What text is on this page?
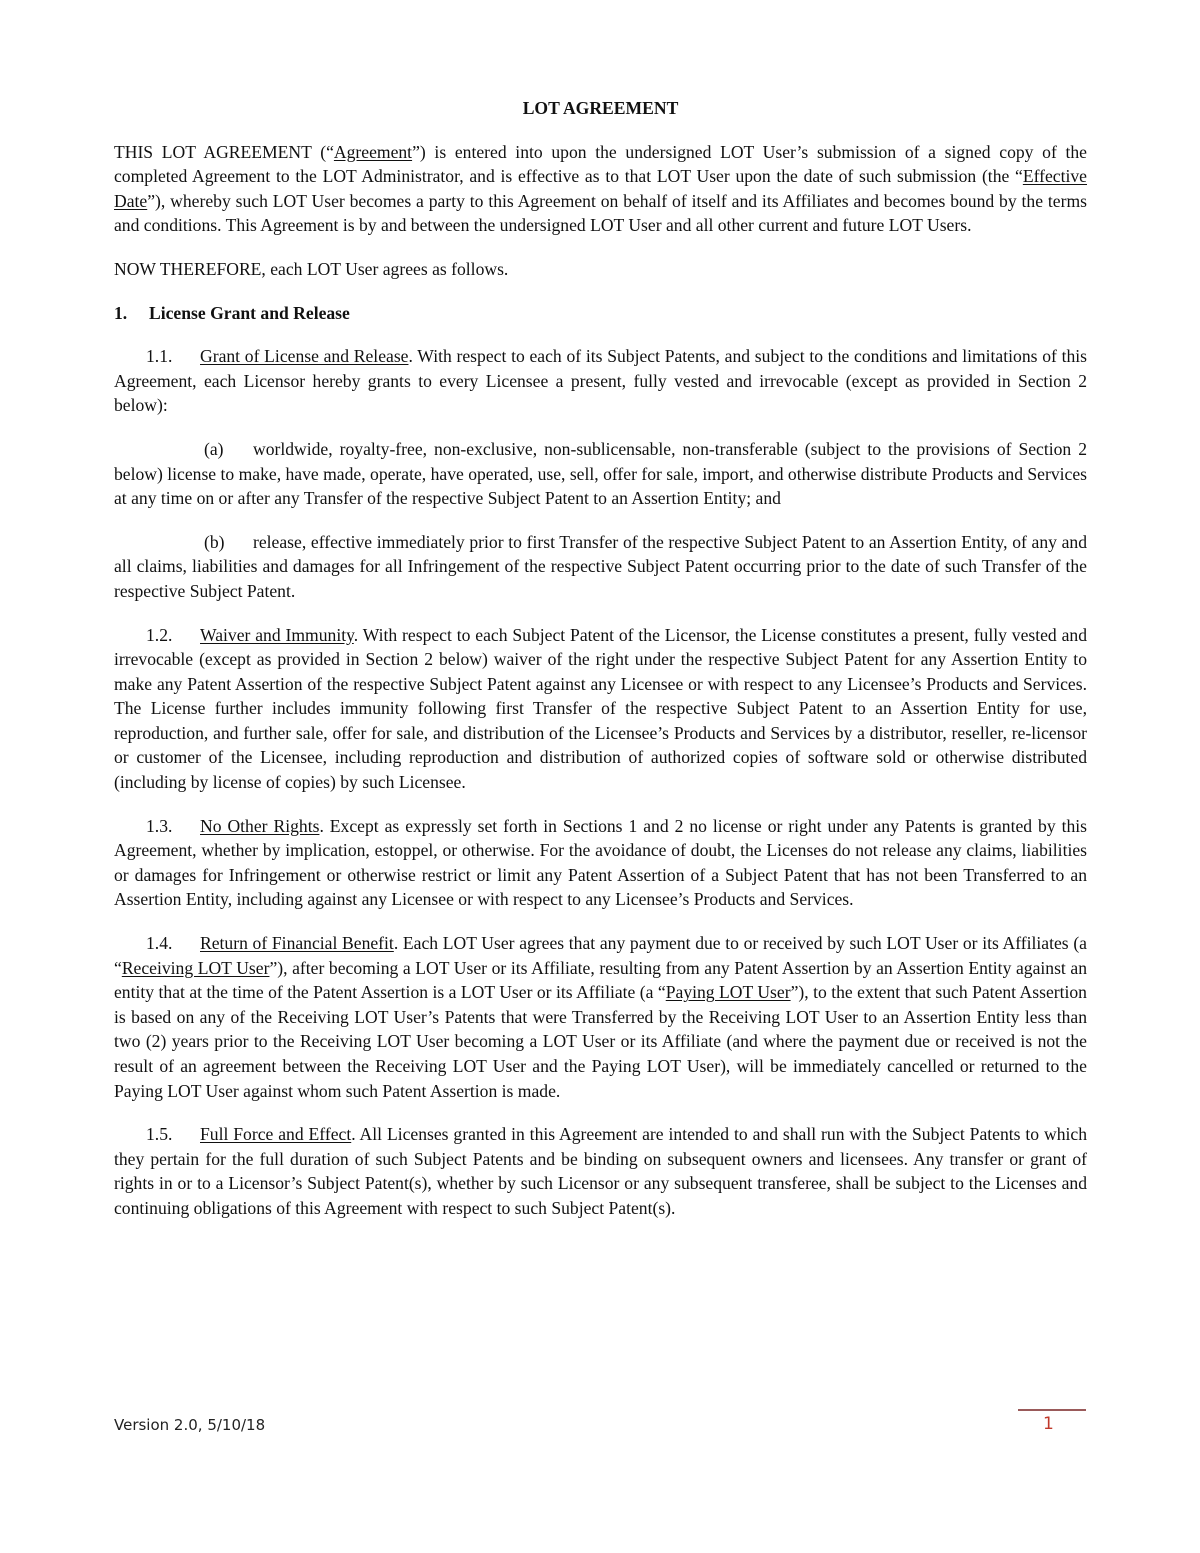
LOT AGREEMENT

THIS LOT AGREEMENT (“Agreement”) is entered into upon the undersigned LOT User’s submission of a signed copy of the completed Agreement to the LOT Administrator, and is effective as to that LOT User upon the date of such submission (the “Effective Date”), whereby such LOT User becomes a party to this Agreement on behalf of itself and its Affiliates and becomes bound by the terms and conditions. This Agreement is by and between the undersigned LOT User and all other current and future LOT Users.

NOW THEREFORE, each LOT User agrees as follows.

1. License Grant and Release

1.1. Grant of License and Release. With respect to each of its Subject Patents, and subject to the conditions and limitations of this Agreement, each Licensor hereby grants to every Licensee a present, fully vested and irrevocable (except as provided in Section 2 below):

(a) worldwide, royalty-free, non-exclusive, non-sublicensable, non-transferable (subject to the provisions of Section 2 below) license to make, have made, operate, have operated, use, sell, offer for sale, import, and otherwise distribute Products and Services at any time on or after any Transfer of the respective Subject Patent to an Assertion Entity; and

(b) release, effective immediately prior to first Transfer of the respective Subject Patent to an Assertion Entity, of any and all claims, liabilities and damages for all Infringement of the respective Subject Patent occurring prior to the date of such Transfer of the respective Subject Patent.

1.2. Waiver and Immunity. With respect to each Subject Patent of the Licensor, the License constitutes a present, fully vested and irrevocable (except as provided in Section 2 below) waiver of the right under the respective Subject Patent for any Assertion Entity to make any Patent Assertion of the respective Subject Patent against any Licensee or with respect to any Licensee’s Products and Services. The License further includes immunity following first Transfer of the respective Subject Patent to an Assertion Entity for use, reproduction, and further sale, offer for sale, and distribution of the Licensee’s Products and Services by a distributor, reseller, re-licensor or customer of the Licensee, including reproduction and distribution of authorized copies of software sold or otherwise distributed (including by license of copies) by such Licensee.

1.3. No Other Rights. Except as expressly set forth in Sections 1 and 2 no license or right under any Patents is granted by this Agreement, whether by implication, estoppel, or otherwise. For the avoidance of doubt, the Licenses do not release any claims, liabilities or damages for Infringement or otherwise restrict or limit any Patent Assertion of a Subject Patent that has not been Transferred to an Assertion Entity, including against any Licensee or with respect to any Licensee’s Products and Services.

1.4. Return of Financial Benefit. Each LOT User agrees that any payment due to or received by such LOT User or its Affiliates (a “Receiving LOT User”), after becoming a LOT User or its Affiliate, resulting from any Patent Assertion by an Assertion Entity against an entity that at the time of the Patent Assertion is a LOT User or its Affiliate (a “Paying LOT User”), to the extent that such Patent Assertion is based on any of the Receiving LOT User’s Patents that were Transferred by the Receiving LOT User to an Assertion Entity less than two (2) years prior to the Receiving LOT User becoming a LOT User or its Affiliate (and where the payment due or received is not the result of an agreement between the Receiving LOT User and the Paying LOT User), will be immediately cancelled or returned to the Paying LOT User against whom such Patent Assertion is made.

1.5. Full Force and Effect. All Licenses granted in this Agreement are intended to and shall run with the Subject Patents to which they pertain for the full duration of such Subject Patents and be binding on subsequent owners and licensees. Any transfer or grant of rights in or to a Licensor’s Subject Patent(s), whether by such Licensor or any subsequent transferee, shall be subject to the Licenses and continuing obligations of this Agreement with respect to such Subject Patent(s).

Version 2.0, 5/10/18	1
